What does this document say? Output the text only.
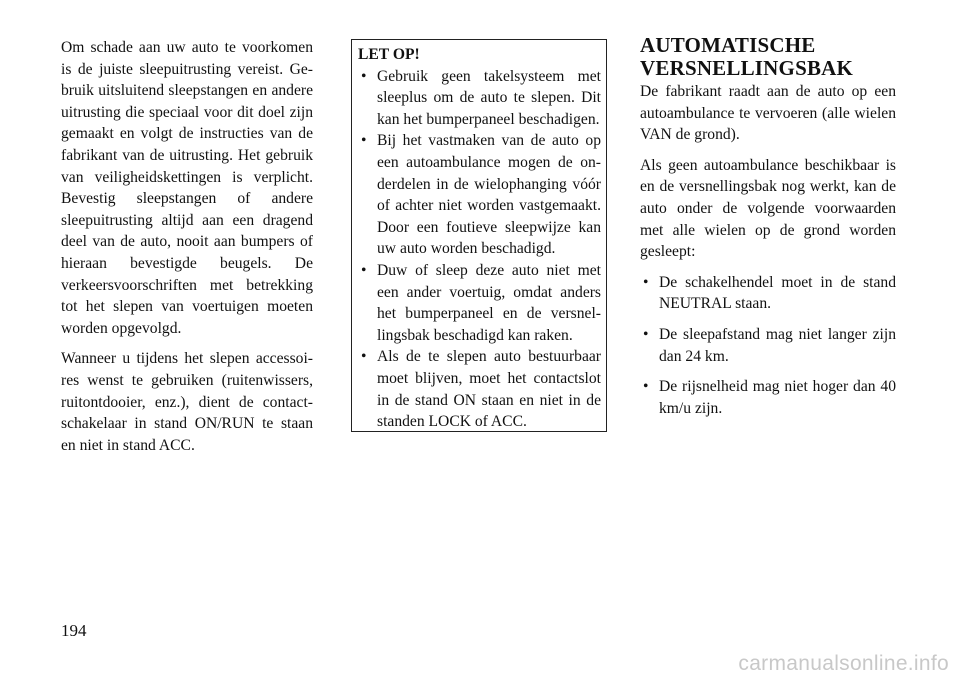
Om schade aan uw auto te voorkomen is de juiste sleepuitrusting vereist. Gebruik uitsluitend sleepstangen en andere uitrusting die speciaal voor dit doel zijn gemaakt en volgt de instructies van de fabrikant van de uitrusting. Het gebruik van veiligheidskettingen is verplicht. Bevestig sleepstangen of andere sleepuitrusting altijd aan een dragend deel van de auto, nooit aan bumpers of hieraan bevestigde beugels. De verkeersvoorschriften met betrekking tot het slepen van voertuigen moeten worden opgevolgd.

Wanneer u tijdens het slepen accessoires wenst te gebruiken (ruitenwissers, ruitontdooier, enz.), dient de contactschakelaar in stand ON/RUN te staan en niet in stand ACC.

LET OP!
• Gebruik geen takelsysteem met sleeplus om de auto te slepen. Dit kan het bumperpaneel beschadigen.
• Bij het vastmaken van de auto op een autoambulance mogen de onderdelen in de wielophanging vóór of achter niet worden vastgemaakt. Door een foutieve sleepwijze kan uw auto worden beschadigd.
• Duw of sleep deze auto niet met een ander voertuig, omdat anders het bumperpaneel en de versnellingsbak beschadigd kan raken.
• Als de te slepen auto bestuurbaar moet blijven, moet het contactslot in de stand ON staan en niet in de standen LOCK of ACC.
AUTOMATISCHE
VERSNELLINGSBAK

De fabrikant raadt aan de auto op een autoambulance te vervoeren (alle wielen VAN de grond).

Als geen autoambulance beschikbaar is en de versnellingsbak nog werkt, kan de auto onder de volgende voorwaarden met alle wielen op de grond worden gesleept:

• De schakelhendel moet in de stand NEUTRAL staan.
• De sleepafstand mag niet langer zijn dan 24 km.
• De rijsnelheid mag niet hoger dan 40 km/u zijn.
194
carmanualsonline.info
